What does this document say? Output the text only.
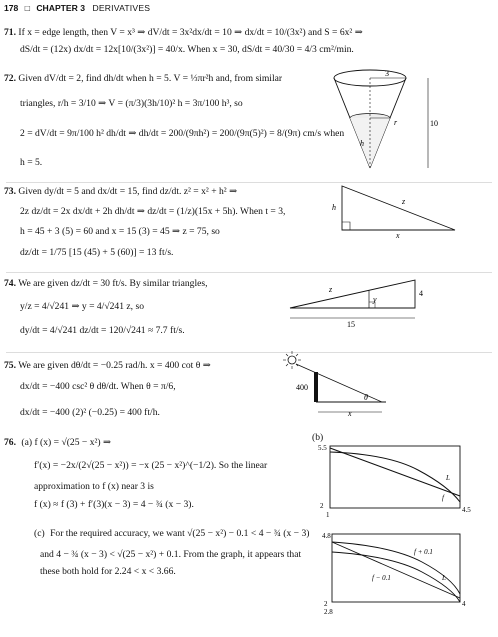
178 □ CHAPTER 3 DERIVATIVES
71. If x = edge length, then V = x³ ⇒ dV/dt = 3x²dx/dt = 10 ⇒ dx/dt = 10/(3x²) and S = 6x² ⇒
dS/dt = (12x) dx/dt = 12x[10/(3x²)] = 40/x. When x = 30, dS/dt = 40/30 = 4/3 cm²/min.
72. Given dV/dt = 2, find dh/dt when h = 5. V = ⅓πr²h and, from similar
triangles, r/h = 3/10 ⇒ V = (π/3)(3h/10)² h = 3π/100 h³, so
2 = dV/dt = 9π/100 h² dh/dt ⇒ dh/dt = 200/(9πh²) = 200/(9π(5)²) = 8/(9π) cm/s when
h = 5.
3
r
h
10
73. Given dy/dt = 5 and dx/dt = 15, find dz/dt. z² = x² + h² ⇒
2z dz/dt = 2x dx/dt + 2h dh/dt ⇒ dz/dt = (1/z)(15x + 5h). When t = 3,
h = 45 + 3 (5) = 60 and x = 15 (3) = 45 ⇒ z = 75, so
dz/dt = 1/75 [15 (45) + 5 (60)] = 13 ft/s.
h
z
x
74. We are given dz/dt = 30 ft/s. By similar triangles,
y/z = 4/√241 ⇒ y = 4/√241 z, so
dy/dt = 4/√241 dz/dt = 120/√241 ≈ 7.7 ft/s.
z
y
4
15
75. We are given dθ/dt = −0.25 rad/h. x = 400 cot θ ⇒
dx/dt = −400 csc² θ dθ/dt. When θ = π/6,
dx/dt = −400 (2)² (−0.25) = 400 ft/h.
400
θ
x
76. (a) f (x) = √(25 − x²) ⇒
f′(x) = −2x/(2√(25 − x²)) = −x (25 − x²)^(−1/2). So the linear
approximation to f (x) near 3 is
f (x) ≈ f (3) + f′(3)(x − 3) = 4 − ¾ (x − 3).
(b)
5.5
1
4.5
2
L
f
(c) For the required accuracy, we want √(25 − x²) − 0.1 < 4 − ¾ (x − 3)
and 4 − ¾ (x − 3) < √(25 − x²) + 0.1. From the graph, it appears that
these both hold for 2.24 < x < 3.66.
4.8
2	4
2.8
f + 0.1
f − 0.1	L
